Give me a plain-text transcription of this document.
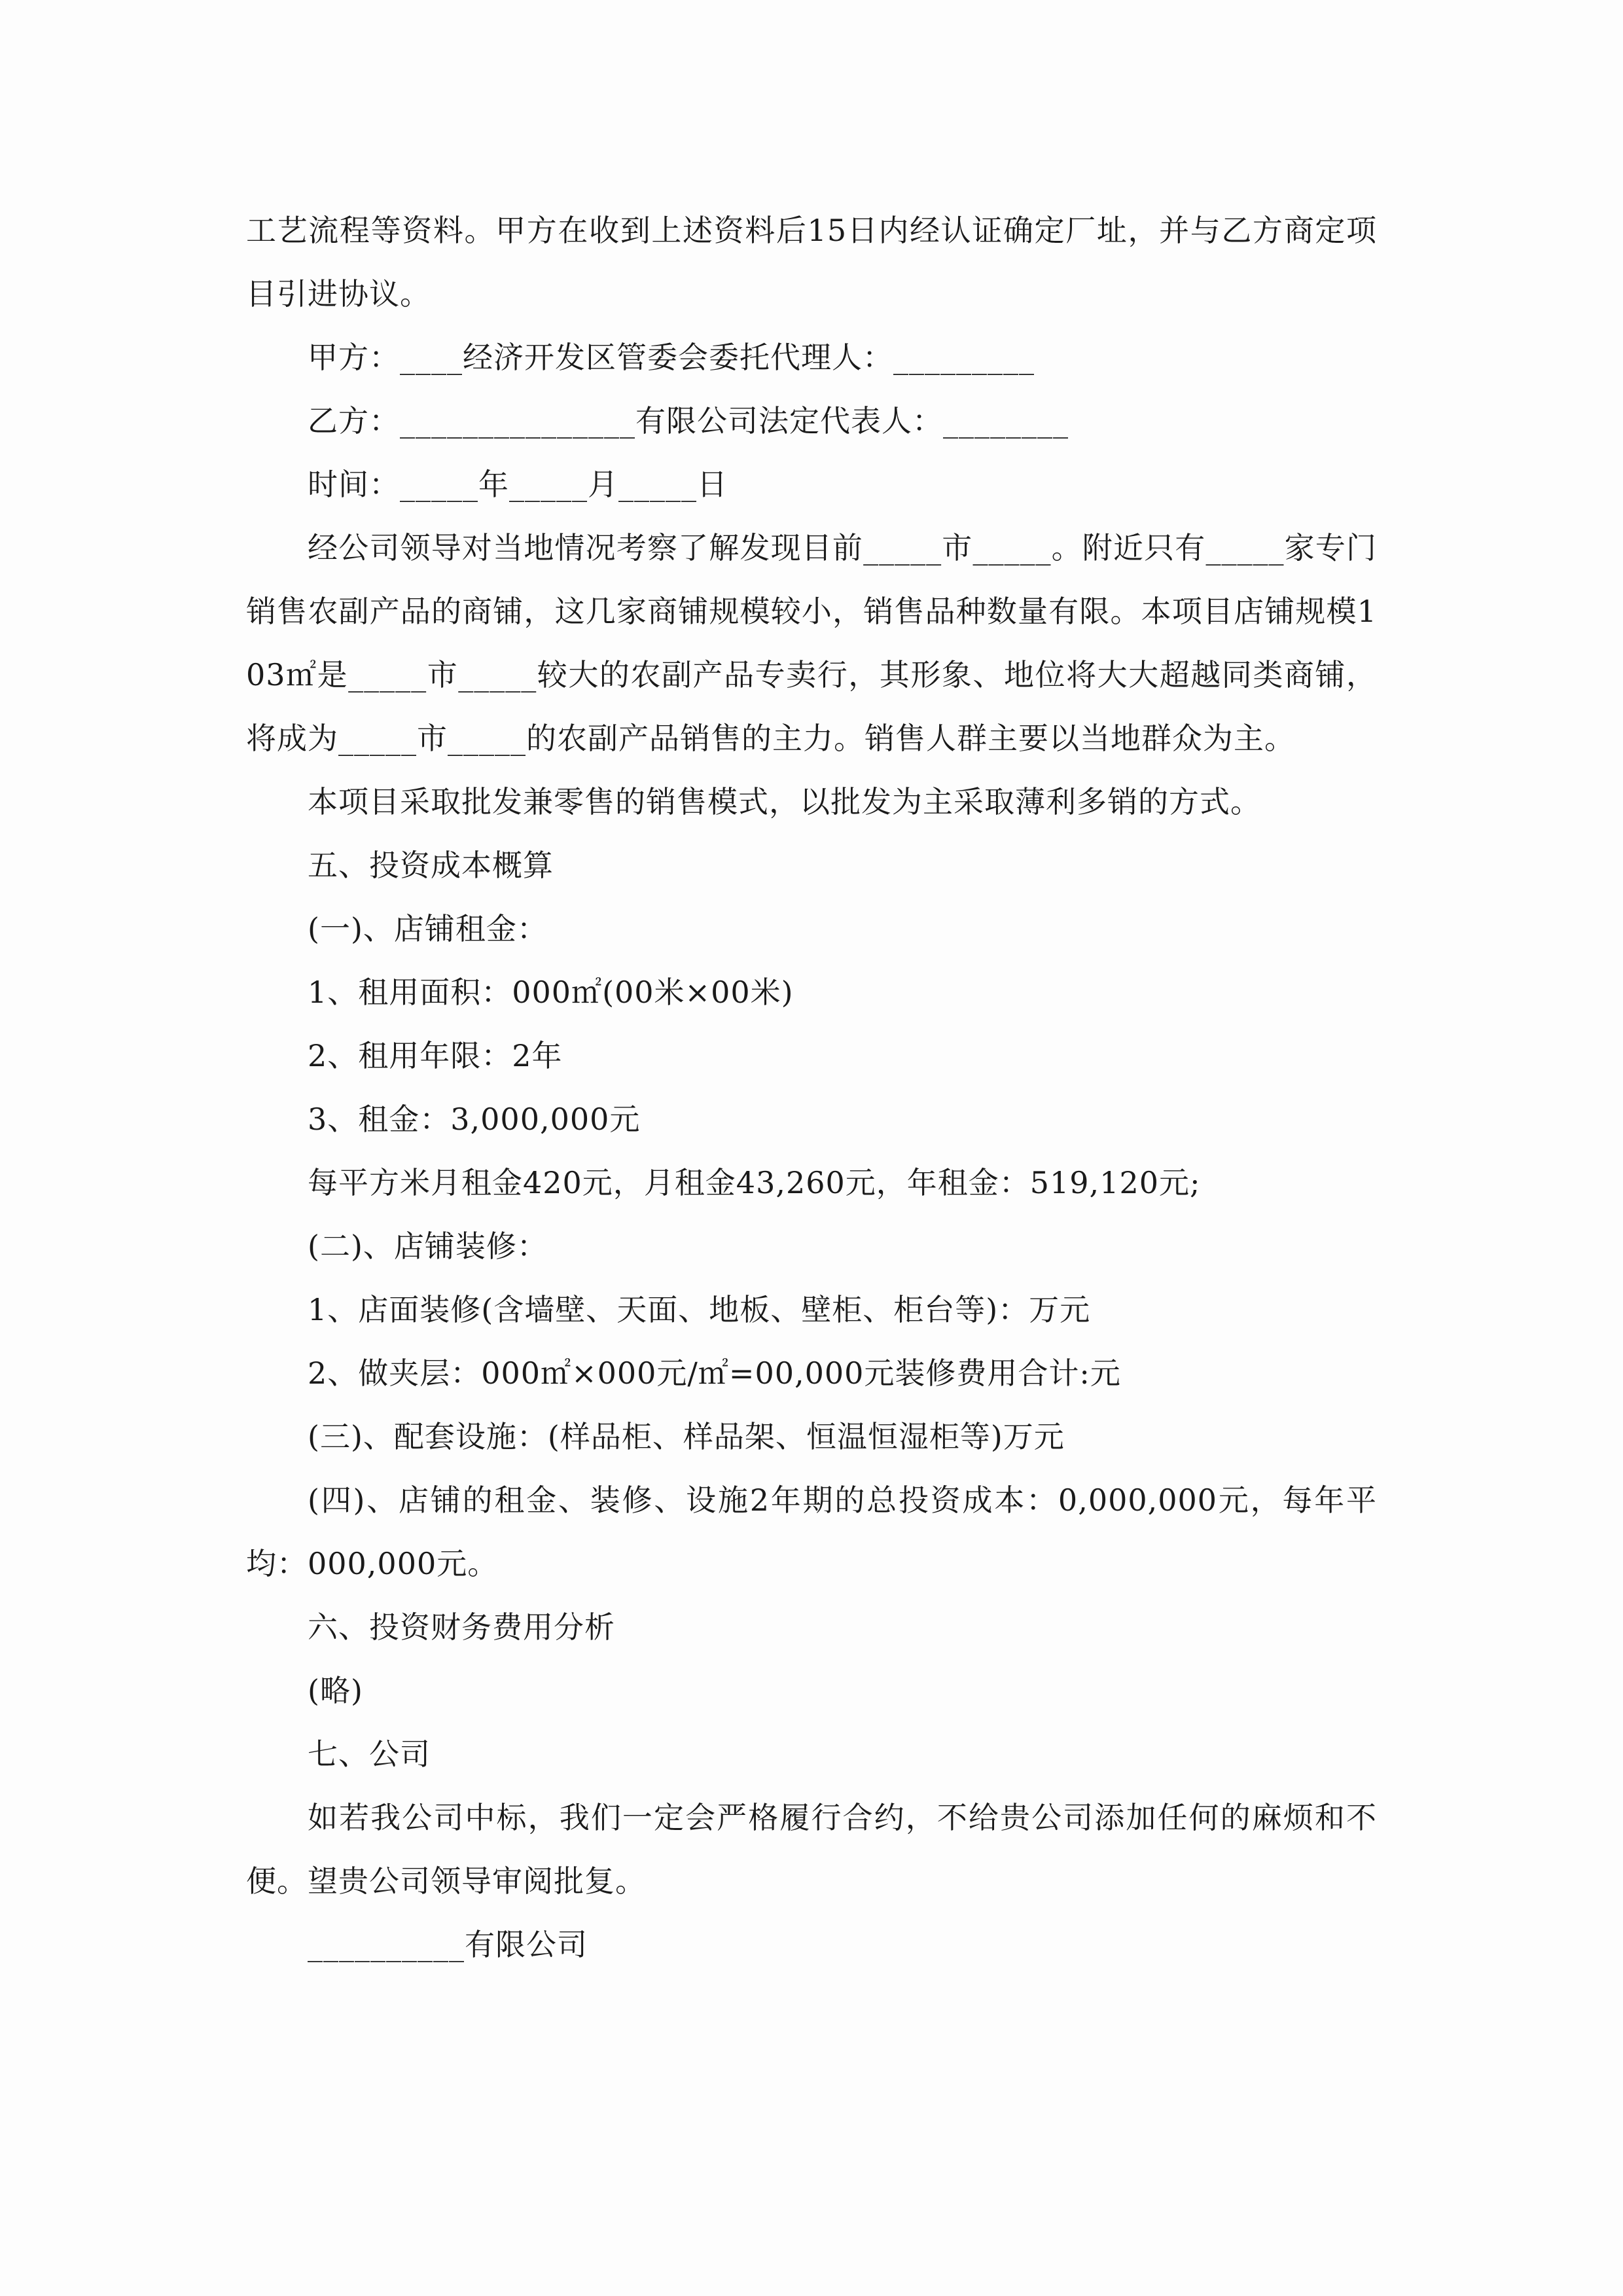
工艺流程等资料。甲方在收到上述资料后15日内经认证确定厂址，并与乙方商定项目引进协议。

甲方：____经济开发区管委会委托代理人：_________

乙方：_______________有限公司法定代表人：________

时间：_____年_____月_____日

经公司领导对当地情况考察了解发现目前_____市_____。附近只有_____家专门销售农副产品的商铺，这几家商铺规模较小，销售品种数量有限。本项目店铺规模103㎡是_____市_____较大的农副产品专卖行，其形象、地位将大大超越同类商铺，将成为_____市_____的农副产品销售的主力。销售人群主要以当地群众为主。

本项目采取批发兼零售的销售模式，以批发为主采取薄利多销的方式。

五、投资成本概算

(一)、店铺租金：

1、租用面积：000㎡(00米×00米)

2、租用年限：2年

3、租金：3,000,000元

每平方米月租金420元，月租金43,260元，年租金：519,120元;

(二)、店铺装修：

1、店面装修(含墙壁、天面、地板、壁柜、柜台等)：万元

2、做夹层：000㎡×000元/㎡=00,000元装修费用合计:元

(三)、配套设施：(样品柜、样品架、恒温恒湿柜等)万元

(四)、店铺的租金、装修、设施2年期的总投资成本：0,000,000元，每年平均：000,000元。

六、投资财务费用分析

(略)

七、公司

如若我公司中标，我们一定会严格履行合约，不给贵公司添加任何的麻烦和不便。望贵公司领导审阅批复。

__________有限公司
